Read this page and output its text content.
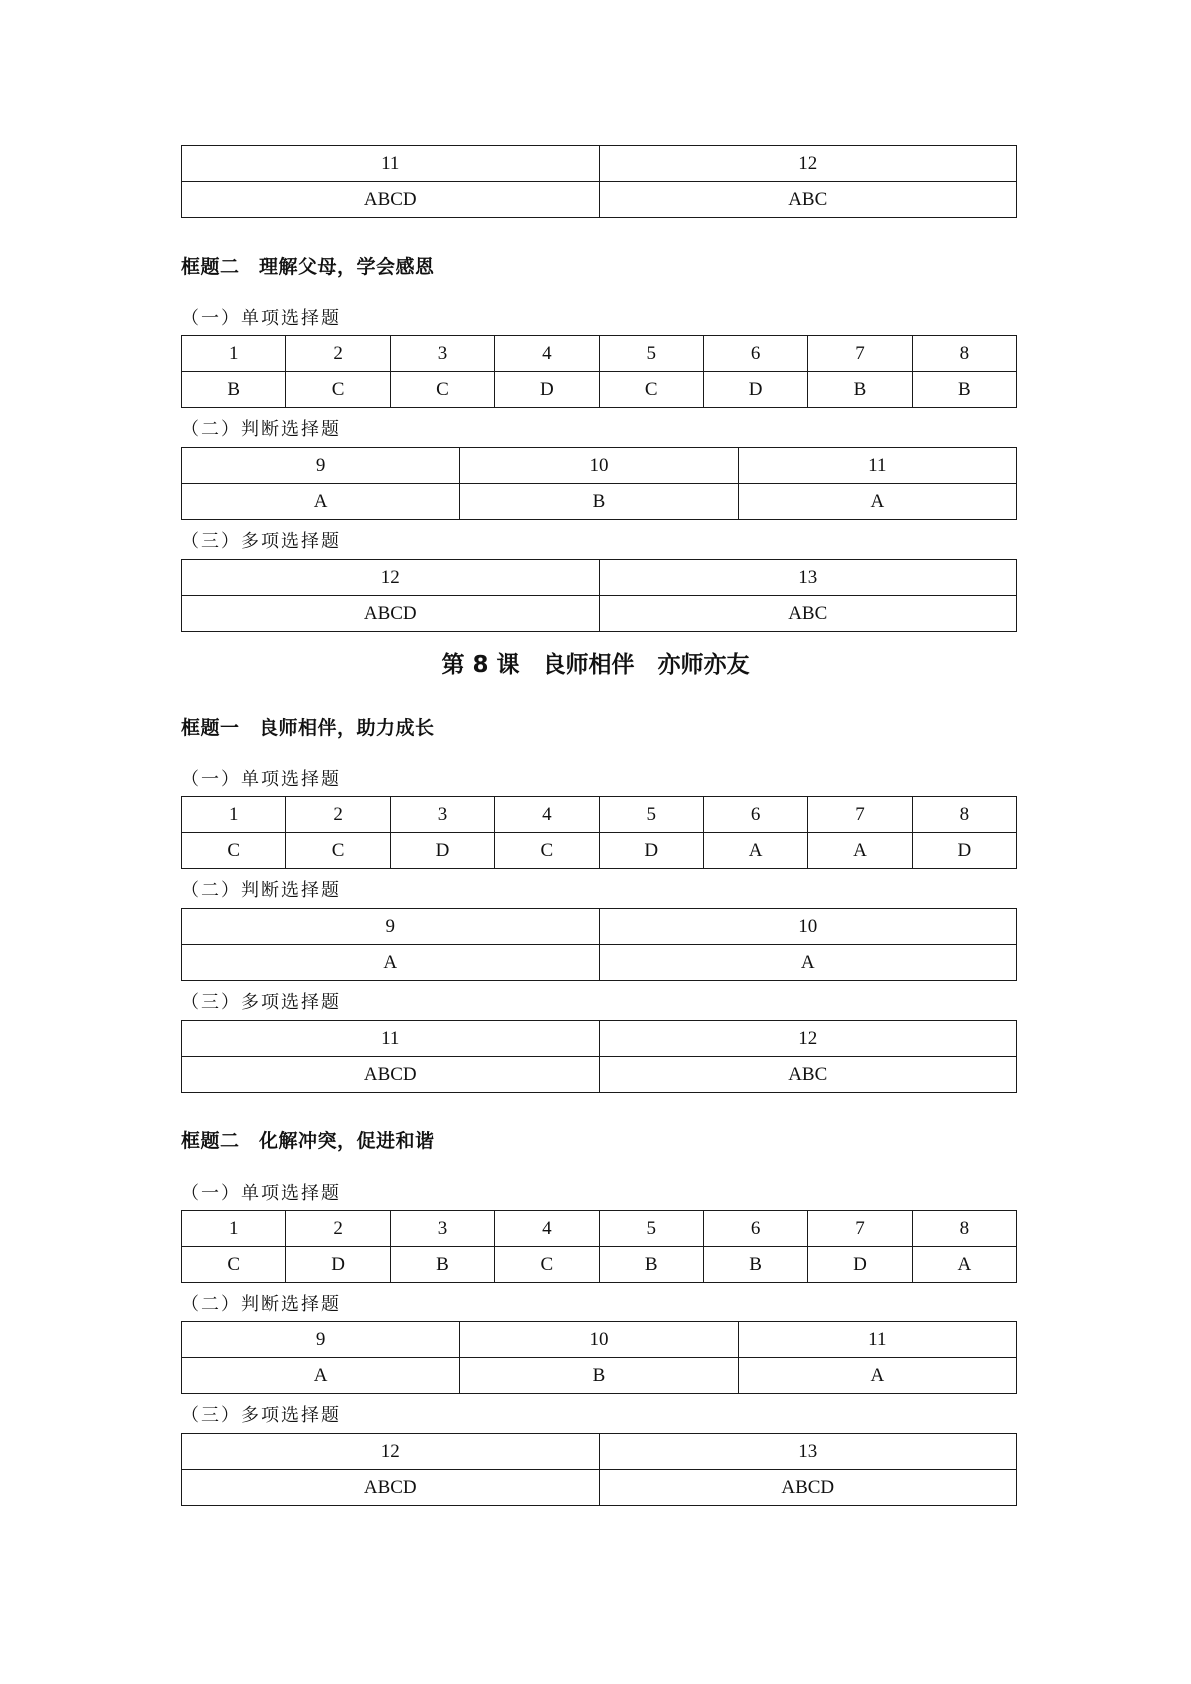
11	12
ABCD	ABC
框题二　理解父母，学会感恩
（一）单项选择题
1	2	3	4	5	6	7	8
B	C	C	D	C	D	B	B
（二）判断选择题
9	10	11
A	B	A
（三）多项选择题
12	13
ABCD	ABC
第 8 课　良师相伴　亦师亦友
框题一　良师相伴，助力成长
（一）单项选择题
1	2	3	4	5	6	7	8
C	C	D	C	D	A	A	D
（二）判断选择题
9	10
A	A
（三）多项选择题
11	12
ABCD	ABC
框题二　化解冲突，促进和谐
（一）单项选择题
1	2	3	4	5	6	7	8
C	D	B	C	B	B	D	A
（二）判断选择题
9	10	11
A	B	A
（三）多项选择题
12	13
ABCD	ABCD
